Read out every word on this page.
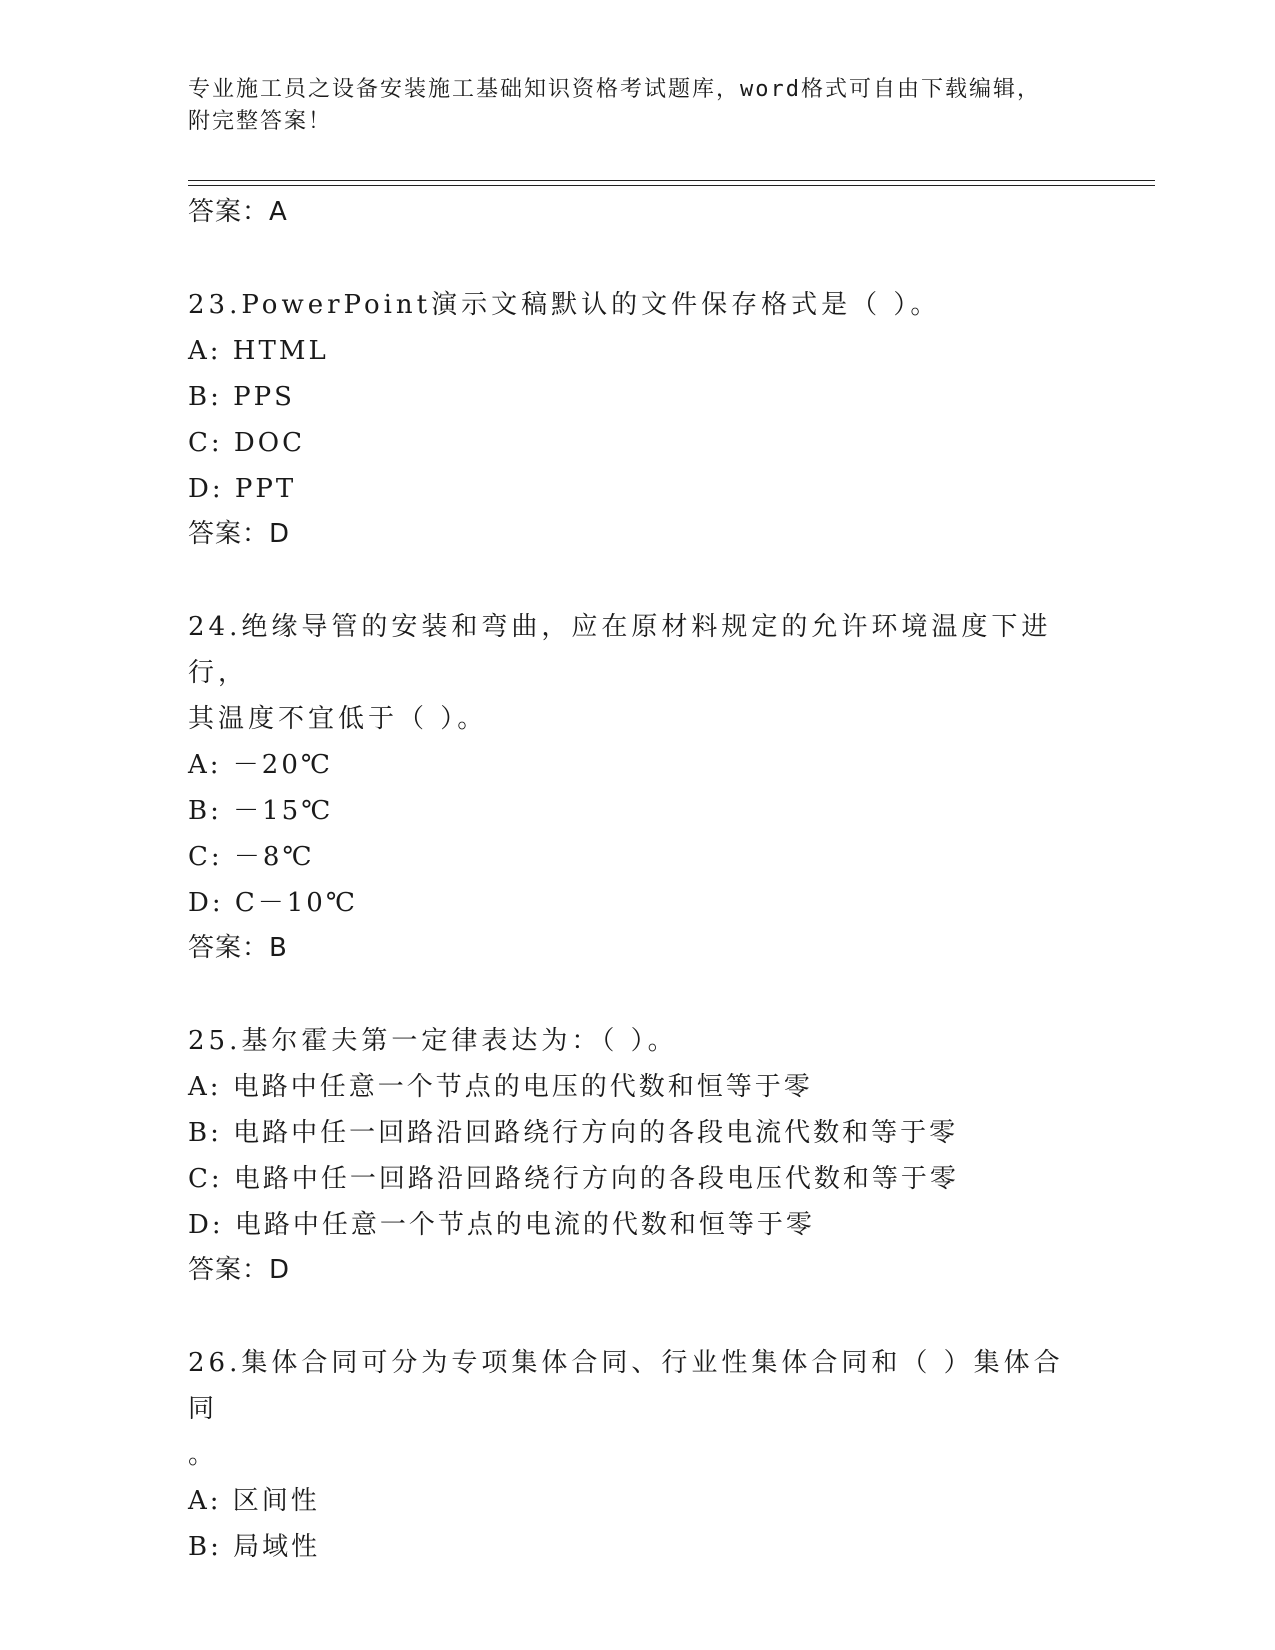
专业施工员之设备安装施工基础知识资格考试题库，word格式可自由下载编辑，
附完整答案！
答案：A
23.PowerPoint演示文稿默认的文件保存格式是（ ）。
A: HTML
B: PPS
C: DOC
D: PPT
答案：D
24.绝缘导管的安装和弯曲，应在原材料规定的允许环境温度下进行，
其温度不宜低于（ ）。
A: －20℃
B: －15℃
C: －8℃
D: C－10℃
答案：B
25.基尔霍夫第一定律表达为：（ ）。
A: 电路中任意一个节点的电压的代数和恒等于零
B: 电路中任一回路沿回路绕行方向的各段电流代数和等于零
C: 电路中任一回路沿回路绕行方向的各段电压代数和等于零
D: 电路中任意一个节点的电流的代数和恒等于零
答案：D
26.集体合同可分为专项集体合同、行业性集体合同和（ ）集体合同
。
A: 区间性
B: 局域性
